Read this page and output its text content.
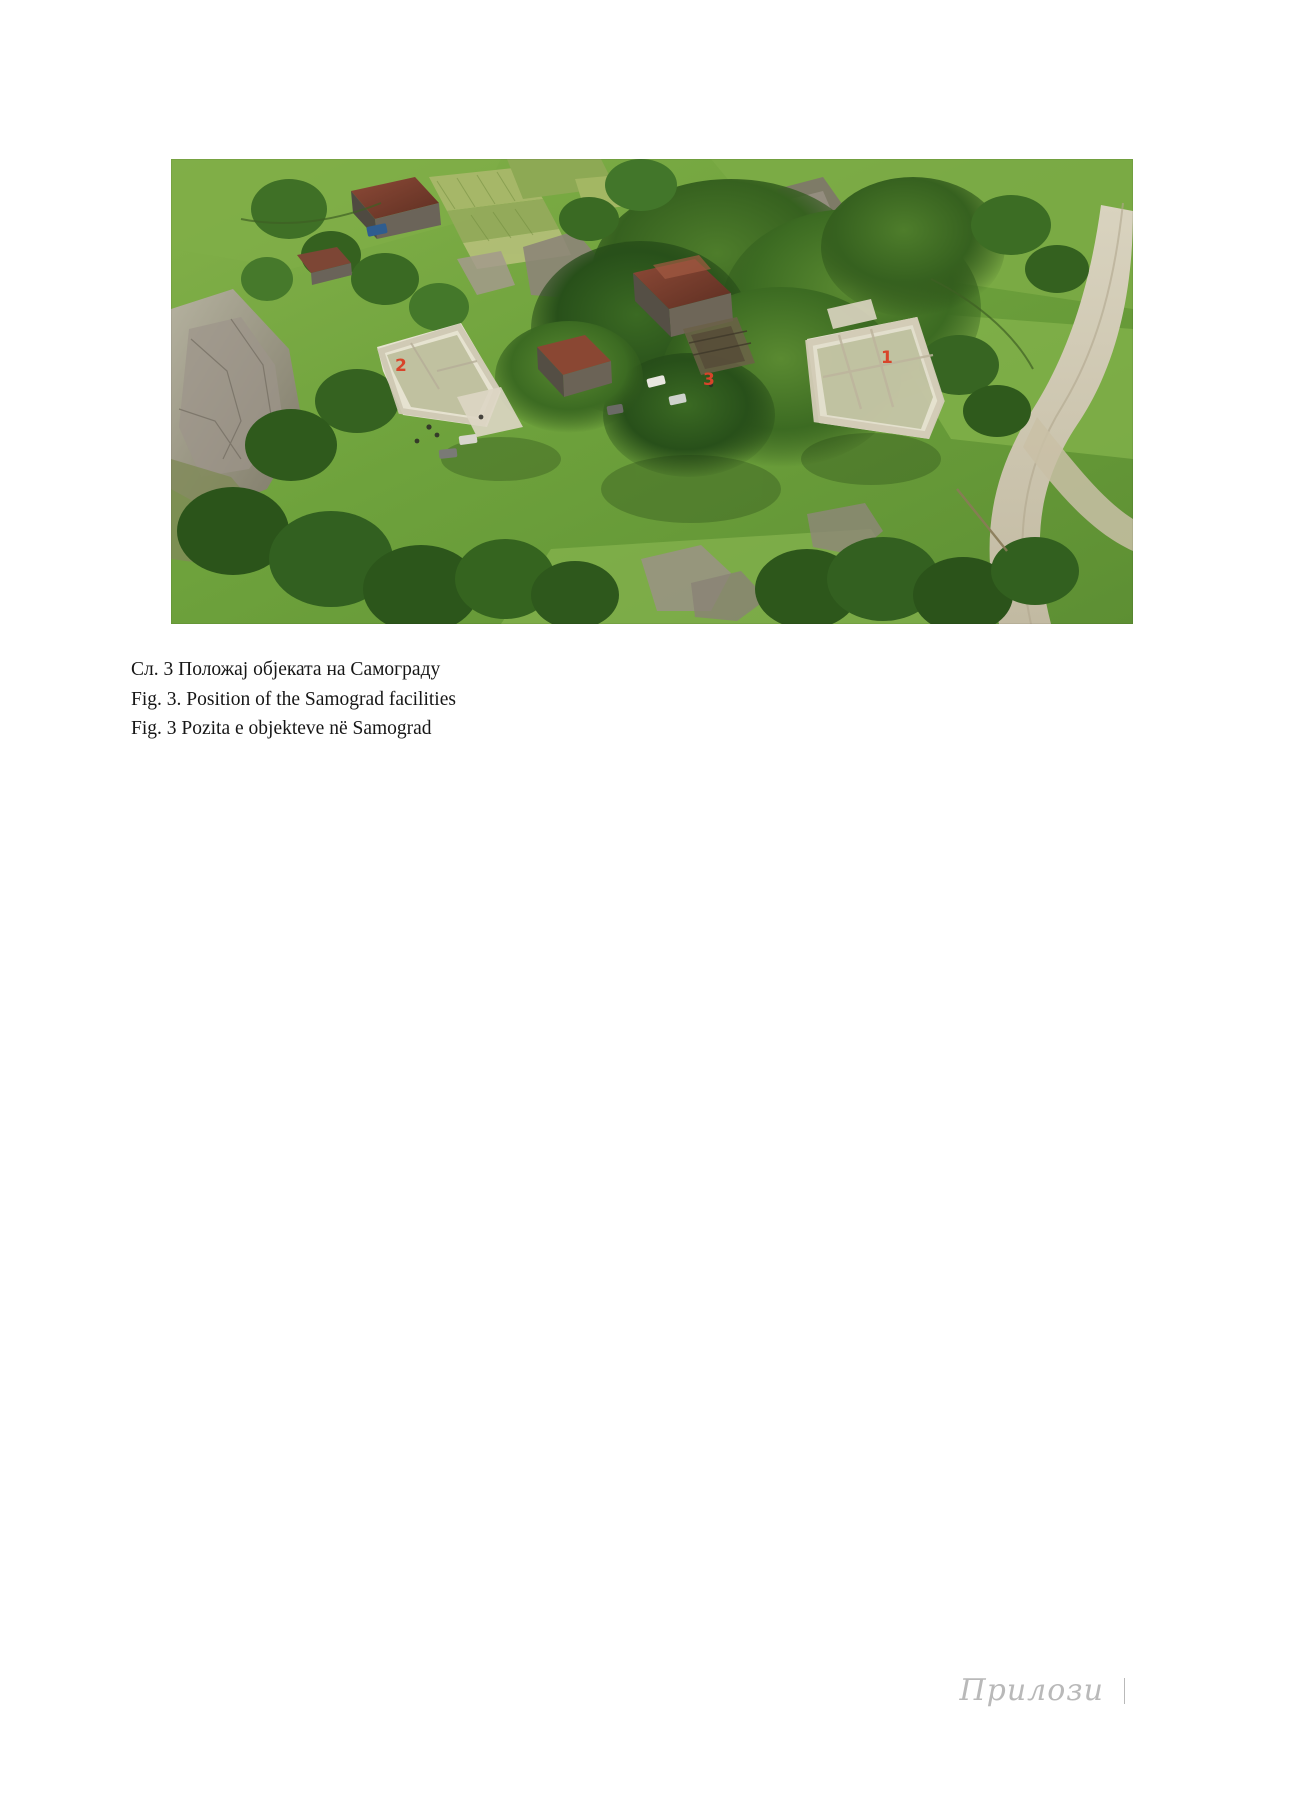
1
2
3
Сл. 3 Положај објеката на Самограду
Fig. 3. Position of the Samograd facilities
Fig. 3 Pozita e objekteve në Samograd
Прилози
